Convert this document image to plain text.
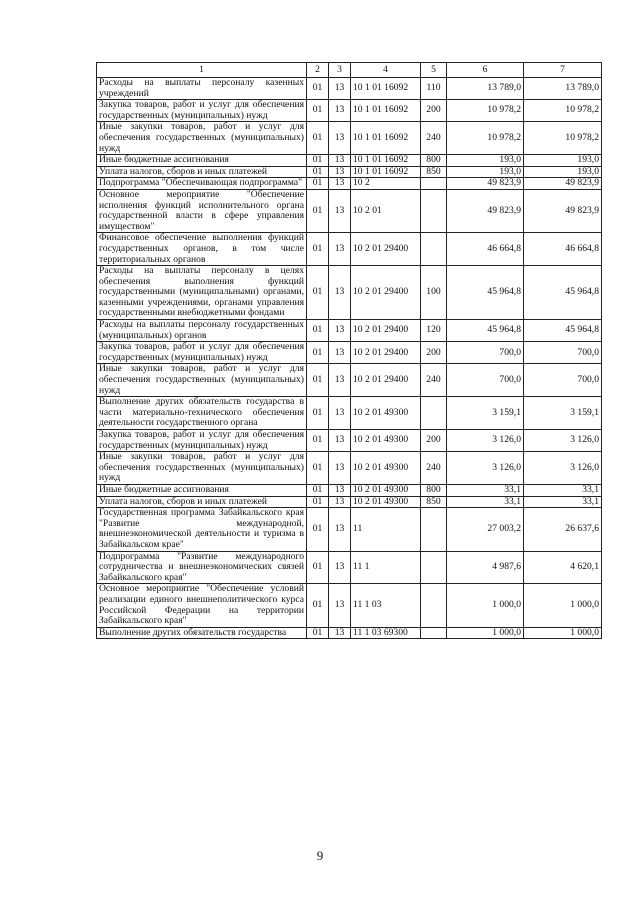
1	2	3	4	5	6	7
Расходы на выплаты персоналу казенных учреждений	01	13	10 1 01 16092	110	13 789,0	13 789,0
Закупка товаров, работ и услуг для обеспечения государственных (муниципальных) нужд	01	13	10 1 01 16092	200	10 978,2	10 978,2
Иные закупки товаров, работ и услуг для обеспечения государственных (муниципальных) нужд	01	13	10 1 01 16092	240	10 978,2	10 978,2
Иные бюджетные ассигнования	01	13	10 1 01 16092	800	193,0	193,0
Уплата налогов, сборов и иных платежей	01	13	10 1 01 16092	850	193,0	193,0
Подпрограмма "Обеспечивающая подпрограмма"	01	13	10 2		49 823,9	49 823,9
Основное мероприятие "Обеспечение исполнения функций исполнительного органа государственной власти в сфере управления имуществом"	01	13	10 2 01		49 823,9	49 823,9
Финансовое обеспечение выполнения функций государственных органов, в том числе территориальных органов	01	13	10 2 01 29400		46 664,8	46 664,8
Расходы на выплаты персоналу в целях обеспечения выполнения функций государственными (муниципальными) органами, казенными учреждениями, органами управления государственными внебюджетными фондами	01	13	10 2 01 29400	100	45 964,8	45 964,8
Расходы на выплаты персоналу государственных (муниципальных) органов	01	13	10 2 01 29400	120	45 964,8	45 964,8
Закупка товаров, работ и услуг для обеспечения государственных (муниципальных) нужд	01	13	10 2 01 29400	200	700,0	700,0
Иные закупки товаров, работ и услуг для обеспечения государственных (муниципальных) нужд	01	13	10 2 01 29400	240	700,0	700,0
Выполнение других обязательств государства в части материально-технического обеспечения деятельности государственного органа	01	13	10 2 01 49300		3 159,1	3 159,1
Закупка товаров, работ и услуг для обеспечения государственных (муниципальных) нужд	01	13	10 2 01 49300	200	3 126,0	3 126,0
Иные закупки товаров, работ и услуг для обеспечения государственных (муниципальных) нужд	01	13	10 2 01 49300	240	3 126,0	3 126,0
Иные бюджетные ассигнования	01	13	10 2 01 49300	800	33,1	33,1
Уплата налогов, сборов и иных платежей	01	13	10 2 01 49300	850	33,1	33,1
Государственная программа Забайкальского края "Развитие международной, внешнеэкономической деятельности и туризма в Забайкальском крае"	01	13	11		27 003,2	26 637,6
Подпрограмма "Развитие международного сотрудничества и внешнеэкономических связей Забайкальского края"	01	13	11 1		4 987,6	4 620,1
Основное мероприятие "Обеспечение условий реализации единого внешнеполитического курса Российской Федерации на территории Забайкальского края"	01	13	11 1 03		1 000,0	1 000,0
Выполнение других обязательств государства	01	13	11 1 03 69300		1 000,0	1 000,0
9
